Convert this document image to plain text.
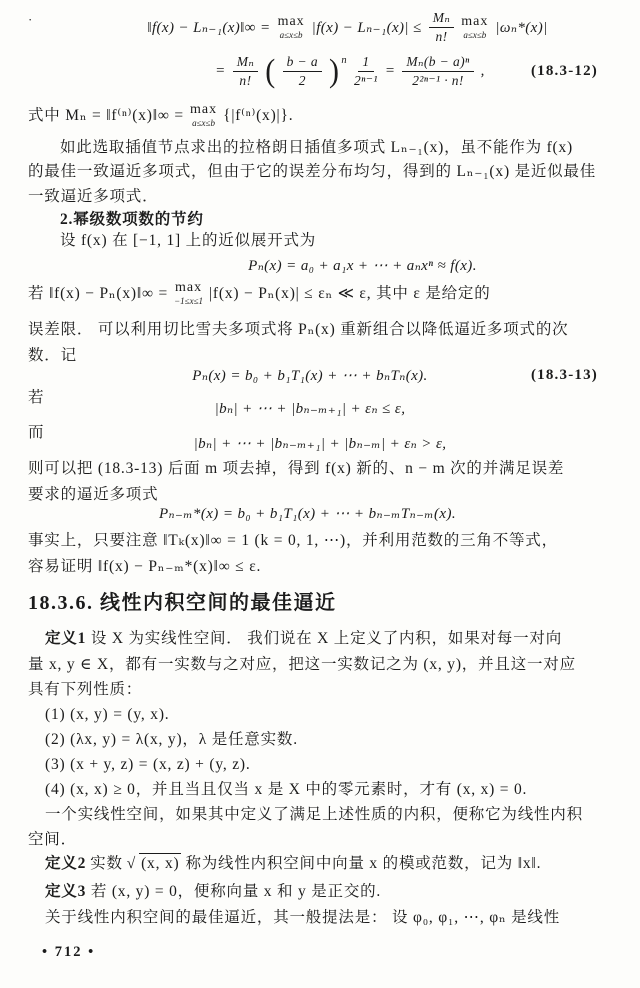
·
‖f(x) − Lₙ₋₁(x)‖∞ = max
a≤x≤b $|f(x) - L_{n-1}(x)| \le \frac{\text{Mₙ}}{n!}$ max
a≤x≤b |ωₙ*(x)|
= $\frac{\text{Mₙ}}{n!}$ ( $\frac{b - a}{2}$ ) n $\frac{1}{\text{2ⁿ⁻¹}} = \frac{\text{Mₙ(b − a)ⁿ}}{\text{2²ⁿ⁻¹ · n!}}$ ,	(18.3-12)
式中 Mₙ = ‖f⁽ⁿ⁾(x)‖∞ = max
a≤x≤b {|f⁽ⁿ⁾(x)|}.
如此选取插值节点求出的拉格朗日插值多项式 Lₙ₋₁(x)，虽不能作为 f(x)
的最佳一致逼近多项式，但由于它的误差分布均匀，得到的 Lₙ₋₁(x) 是近似最佳
一致逼近多项式．
2.幂级数项数的节约
设 f(x) 在 [−1, 1] 上的近似展开式为
Pₙ(x) = a₀ + a₁x + ⋯ + aₙxⁿ ≈ f(x).
若 ‖f(x) − Pₙ(x)‖∞ = max
−1≤x≤1 |f(x) − Pₙ(x)| ≤ εₙ ≪ ε, 其中 ε 是给定的
误差限． 可以利用切比雪夫多项式将 Pₙ(x) 重新组合以降低逼近多项式的次
数．记
Pₙ(x) = b₀ + b₁T₁(x) + ⋯ + bₙTₙ(x).	(18.3-13)
若
|bₙ| + ⋯ + |bₙ₋ₘ₊₁| + εₙ ≤ ε,
而
|bₙ| + ⋯ + |bₙ₋ₘ₊₁| + |bₙ₋ₘ| + εₙ > ε,
则可以把 (18.3-13) 后面 m 项去掉，得到 f(x) 新的、n − m 次的并满足误差
要求的逼近多项式
Pₙ₋ₘ*(x) = b₀ + b₁T₁(x) + ⋯ + bₙ₋ₘTₙ₋ₘ(x).
事实上，只要注意 ‖Tₖ(x)‖∞ = 1 (k = 0, 1, ⋯)，并利用范数的三角不等式，
容易证明 ‖f(x) − Pₙ₋ₘ*(x)‖∞ ≤ ε.
18.3.6. 线性内积空间的最佳逼近
定义1 设 X 为实线性空间． 我们说在 X 上定义了内积，如果对每一对向
量 x, y ∈ X，都有一实数与之对应，把这一实数记之为 (x, y)，并且这一对应
具有下列性质：
(1) (x, y) = (y, x).
(2) (λx, y) = λ(x, y)，λ 是任意实数.
(3) (x + y, z) = (x, z) + (y, z).
(4) (x, x) ≥ 0，并且当且仅当 x 是 X 中的零元素时，才有 (x, x) = 0.
一个实线性空间，如果其中定义了满足上述性质的内积，便称它为线性内积
空间．
定义2 实数 √ (x, x) 称为线性内积空间中向量 x 的模或范数，记为 ‖x‖.
定义3 若 (x, y) = 0，便称向量 x 和 y 是正交的.
关于线性内积空间的最佳逼近，其一般提法是： 设 φ₀, φ₁, ⋯, φₙ 是线性
• 712 •
